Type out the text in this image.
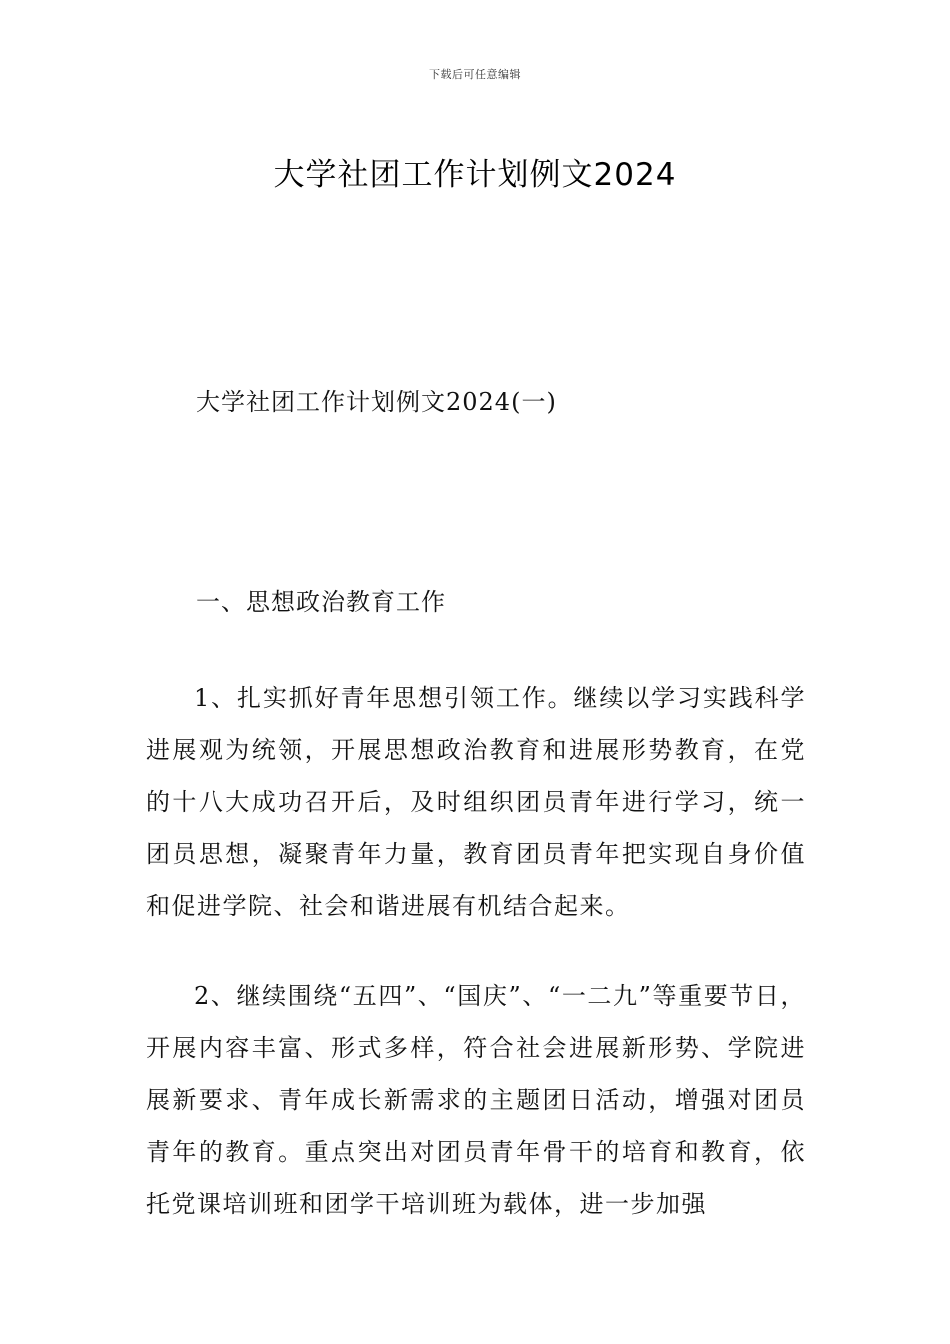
下载后可任意编辑
大学社团工作计划例文2024
大学社团工作计划例文2024(一)
一、思想政治教育工作

1、扎实抓好青年思想引领工作。继续以学习实践科学进展观为统领，开展思想政治教育和进展形势教育，在党的十八大成功召开后，及时组织团员青年进行学习，统一团员思想，凝聚青年力量，教育团员青年把实现自身价值和促进学院、社会和谐进展有机结合起来。

2、继续围绕“五四”、“国庆”、“一二九”等重要节日，开展内容丰富、形式多样，符合社会进展新形势、学院进展新要求、青年成长新需求的主题团日活动，增强对团员青年的教育。重点突出对团员青年骨干的培育和教育，依托党课培训班和团学干培训班为载体，进一步加强
